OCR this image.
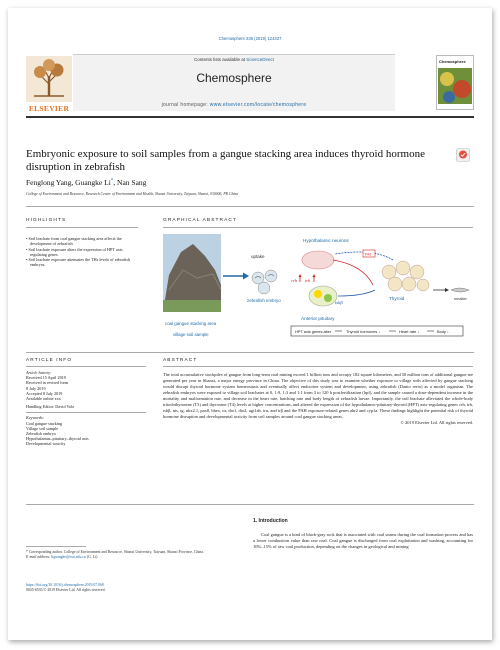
Chemosphere 236 (2019) 124337
ELSEVIER
Contents lists available at ScienceDirect
Chemosphere
journal homepage: www.elsevier.com/locate/chemosphere
Chemosphere
Embryonic exposure to soil samples from a gangue stacking area induces thyroid hormone disruption in zebrafish
Fenglong Yang, Guangke Li*, Nan Sang
College of Environment and Resource, Research Center of Environment and Health, Shanxi University, Taiyuan, Shanxi, 030006, PR China
HIGHLIGHTS
• Soil leachate from coal gangue stacking area affects the development of zebrafish.
• Soil leachate exposure alters the expression of HPT axis regulating genes.
• Soil leachate exposure attenuates the THs levels of zebrafish embryos.
GRAPHICAL ABSTRACT
coal gangue stacking area
village soil sample
uptake
zebrafish embryo
Hypothalamic neurons
crh trh
tshβ
Anterior pituitary
THs
Thyroid	smaller
HPT axis genes alter	Thyroid hormones ↓	Heart rate ↓	Body ↓
ARTICLE INFO
Article history:
Received 15 April 2019
Received in revised form
8 July 2019
Accepted 8 July 2019
Available online xxx
Handling Editor: David Volz
Keywords:
Coal gangue stacking
Village soil sample
Zebrafish embryo
Hypothalamus–pituitary–thyroid axis
Developmental toxicity
ABSTRACT
The total accumulative stockpiles of gangue from long-term coal mining exceed 1 billion tons and occupy 182 square kilometers, and 50 million tons of additional gangue are generated per year in Shanxi, a major energy province in China. The objective of this study was to examine whether exposure to village soils affected by gangue stacking would disrupt thyroid hormone system homeostasis and eventually affect endocrine system and development, using zebrafish (Danio rerio) as a model organism. The zebrafish embryos were exposed to village soil leachates at 0, 1:9, 1:3 and 1:1 from 3 to 120 h postfertilization (hpf), and the sample caused a dose-dependent increase in the mortality and malformation rate, and decrease in the heart rate, hatching rate and body length of zebrafish larvae. Importantly, the soil leachate alleviated the whole-body triiodothyronine (T3) and thyroxine (T4) levels at higher concentrations, and altered the expression of the hypothalamic-pituitary-thyroid (HPT) axis-regulating genes crh, trh, tshβ, nis, tg, nkx2.1, pax8, hhex, ttr, dio1, dio2, ugt1ab, trα, and trβ and the PAH exposure-related genes ahr2 and cyp1a. These findings highlight the potential risk of thyroid hormone disruption and developmental toxicity from soil samples around coal gangue stacking areas.
© 2019 Elsevier Ltd. All rights reserved.
1. Introduction
Coal gangue is a kind of black-gray rock that is associated with coal seams during the coal formation process and has a lower combustion value than raw coal. Coal gangue is discharged from coal exploitation and washing, accounting for 10%–15% of raw coal production, depending on the changes in geological and mining
* Corresponding author. College of Environment and Resource, Shanxi University, Taiyuan, Shanxi Province, China.
E-mail address: liguangke@sxu.edu.cn (G. Li).
https://doi.org/10.1016/j.chemosphere.2019.07.068
0045-6535/© 2019 Elsevier Ltd. All rights reserved.
